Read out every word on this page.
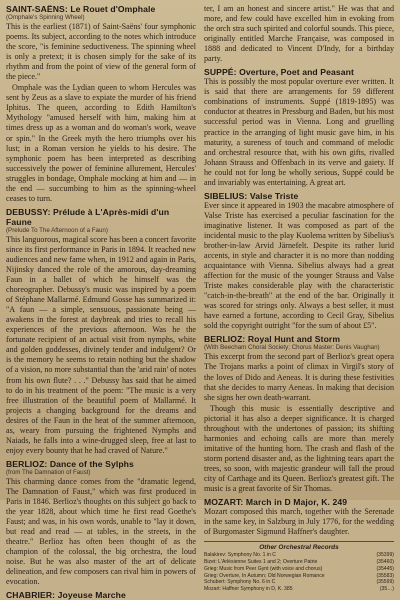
SAINT-SAËNS: Le Rouet d'Omphale
(Omphale's Spinning Wheel)

This is the earliest (1871) of Saint-Saëns' four symphonic poems. Its subject, according to the notes which introduce the score, "is feminine seductiveness. The spinning wheel is only a pretext; it is chosen simply for the sake of its rhythm and from the point of view of the general form of the piece."

Omphale was the Lydian queen to whom Hercules was sent by Zeus as a slave to expiate the murder of his friend Iphitus. The queen, according to Edith Hamilton's Mythology "amused herself with him, making him at times dress up as a woman and do woman's work, weave or spin." In the Greek myth the hero triumphs over his lust; in a Roman version he yields to his desire. The symphonic poem has been interpreted as describing successively the power of feminine allurement, Hercules' struggles in bondage, Omphale mocking at him and — in the end — succumbing to him as the spinning-wheel ceases to turn.

DEBUSSY: Prélude à L'Après-midi d'un Faune
(Prelude To The Afternoon of a Faun)

This languorous, magical score has been a concert favorite since its first performance in Paris in 1894. It reached new audiences and new fame when, in 1912 and again in Paris, Nijinsky danced the role of the amorous, day-dreaming Faun in a ballet of which he himself was the choreographer. Debussy's music was inspired by a poem of Stéphane Mallarmé. Edmund Gosse has summarized it: "A faun — a simple, sensuous, passionate being — awakens in the forest at daybreak and tries to recall his experiences of the previous afternoon. Was he the fortunate recipient of an actual visit from nymphs, white and golden goddesses, divinely tender and indulgent? Or is the memory he seems to retain nothing but the shadow of a vision, no more substantial than the 'arid rain' of notes from his own flute? . . ." Debussy has said that he aimed to do in his treatment of the poem: "The music is a very free illustration of the beautiful poem of Mallarmé. It projects a changing background for the dreams and desires of the Faun in the heat of the summer afternoon, as, weary from pursuing the frightened Nymphs and Naiads, he falls into a wine-drugged sleep, free at last to enjoy every bounty that he had craved of Nature."

BERLIOZ: Dance of the Sylphs
(from The Damnation of Faust)

This charming dance comes from the "dramatic legend, The Damnation of Faust," which was first produced in Paris in 1846. Berlioz's thoughts on this subject go back to the year 1828, about which time he first read Goethe's Faust; and was, in his own words, unable to "lay it down, but read and read — at tables, in the streets, in the theatre." Berlioz has often been thought of as the champion of the colossal, the big orchestra, the loud noise. But he was also master of the art of delicate delineation, and few composers can rival him in powers of evocation.

CHABRIER: Joyeuse Marche

ter, I am an honest and sincere artist." He was that and more, and few could have excelled him in evoking from the orch stra such spirited and colorful sounds. This piece, originally entitled Marche Française, was composed in 1888 and dedicated to Vincent D'Indy, for a birthday party.

SUPPÉ: Overture, Poet and Peasant

This is possibly the most popular overture ever written. It is said that there are arrangements for 59 different combinations of instruments. Suppé (1819-1895) was conductor at theatres in Pressburg and Baden, but his most successful period was in Vienna. Long and gruelling practice in the arranging of light music gave him, in his maturity, a sureness of touch and command of melodic and orchestral resource that, with his own gifts, rivalled Johann Strauss and Offenbach in its verve and gaiety. If he could not for long be wholly serious, Suppé could be and invariably was entertaining. A great art.

SIBELIUS: Valse Triste

Ever since it appeared in 1903 the macabre atmosphere of Valse Triste has exercised a peculiar fascination for the imaginative listener. It was composed as part of the incidental music to the play Kuolema written by Sibelius's brother-in-law Arvid Järnefelt. Despite its rather lurid accents, in style and character it is no more than nodding acquaintance with Vienna. Sibelius always had a great affection for the music of the younger Strauss and Valse Triste makes considerable play with the characteristic "catch-in-the-breath" at the end of the bar. Originally it was scored for strings only. Always a best seller, it must have earned a fortune, according to Cecil Gray, Sibelius sold the copyright outright "for the sum of about £5".

BERLIOZ: Royal Hunt and Storm
(With Beecham Choral Society; Chorus Master: Denis Vaughan)

This excerpt from the second part of Berlioz's great opera The Trojans marks a point of climax in Virgil's story of the loves of Dido and Aeneas. It is during these festivities that she decides to marry Aeneas. In making that decision she signs her own death-warrant.

Though this music is essentially descriptive and pictorial it has also a deeper significance. It is charged throughout with the undertones of passion; its shifting harmonies and echoing calls are more than merely imitative of the hunting horn. The crash and flash of the storm portend disaster and, as the lightning tears apart the trees, so soon, with majestic grandeur will fall the proud city of Carthage and its Queen. Berlioz's greatest gift. The music is a great favorite of Sir Thomas.

MOZART: March in D Major, K. 249

Mozart composed this march, together with the Serenade in the same key, in Salzburg in July 1776, for the wedding of Burgomaster Sigmund Haffner's daughter.

Other Orchestral Records
Balakirev: Symphony No. 1 in C	(35399)
Bizet: L'Arlésienne Suites 1 and 2; Overture Patrie	(35460)
Grieg: Music from Peer Gynt (with voice and chorus)	(35445)
Grieg: Overture, In Autumn; Old Norwegian Romance	(35583)
Schubert: Symphony No. 6 in C	(35599)
Mozart: Haffner Symphony in D, K. 385	(35…)
